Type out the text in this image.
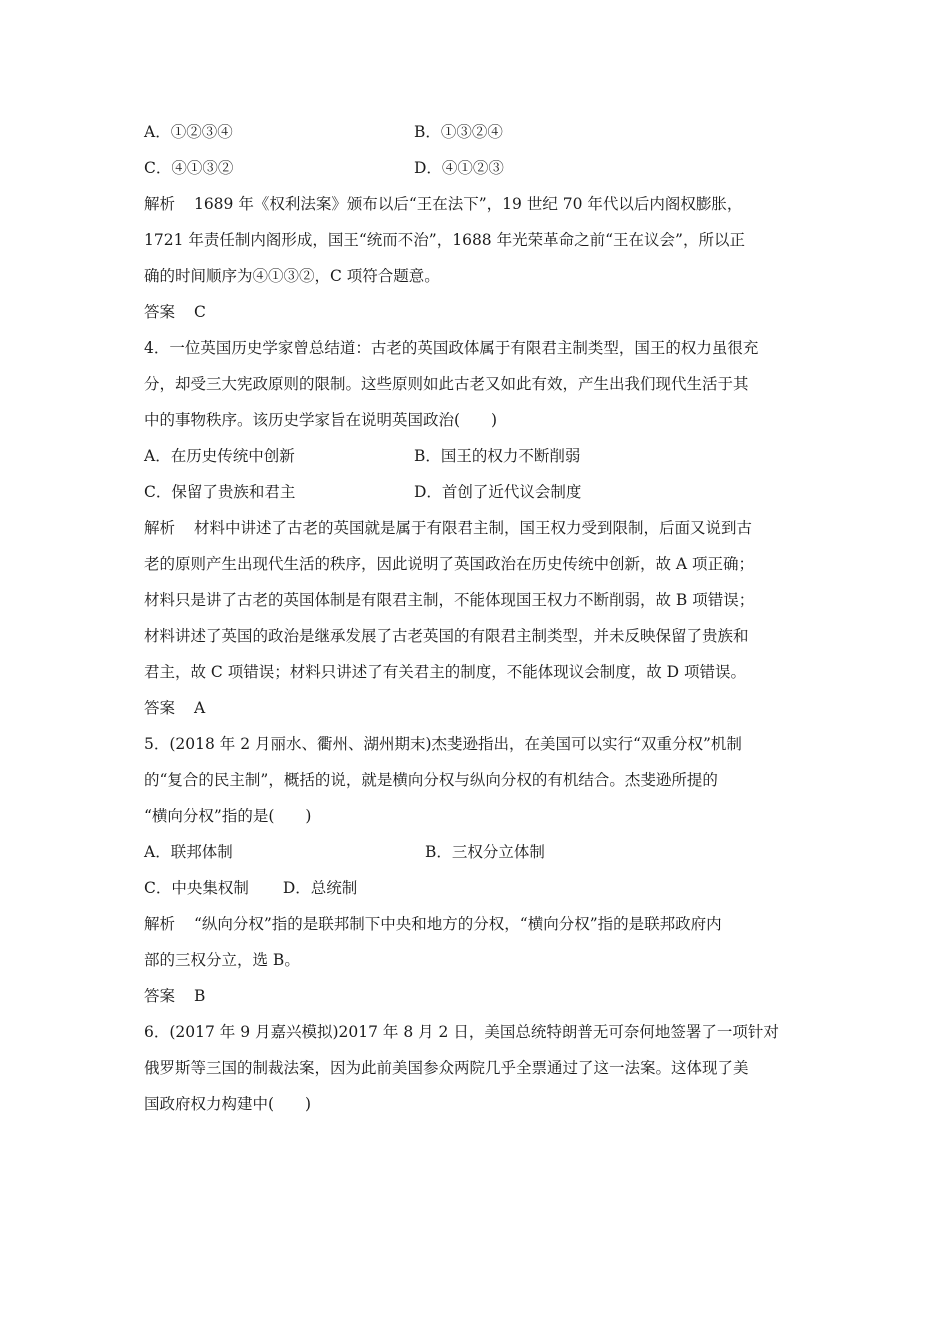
A．①②③④	B．①③②④
C．④①③②	D．④①②③
解析 1689 年《权利法案》颁布以后“王在法下”，19 世纪 70 年代以后内阁权膨胀，
1721 年责任制内阁形成，国王“统而不治”，1688 年光荣革命之前“王在议会”，所以正
确的时间顺序为④①③②，C 项符合题意。
答案 C
4．一位英国历史学家曾总结道：古老的英国政体属于有限君主制类型，国王的权力虽很充
分，却受三大宪政原则的限制。这些原则如此古老又如此有效，产生出我们现代生活于其
中的事物秩序。该历史学家旨在说明英国政治(　　)
A．在历史传统中创新	B．国王的权力不断削弱
C．保留了贵族和君主	D．首创了近代议会制度
解析 材料中讲述了古老的英国就是属于有限君主制，国王权力受到限制，后面又说到古
老的原则产生出现代生活的秩序，因此说明了英国政治在历史传统中创新，故 A 项正确；
材料只是讲了古老的英国体制是有限君主制，不能体现国王权力不断削弱，故 B 项错误；
材料讲述了英国的政治是继承发展了古老英国的有限君主制类型，并未反映保留了贵族和
君主，故 C 项错误；材料只讲述了有关君主的制度，不能体现议会制度，故 D 项错误。
答案 A
5．(2018 年 2 月丽水、衢州、湖州期末)杰斐逊指出，在美国可以实行“双重分权”机制
的“复合的民主制”，概括的说，就是横向分权与纵向分权的有机结合。杰斐逊所提的
“横向分权”指的是(　　)
A．联邦体制	B．三权分立体制
C．中央集权制 D．总统制
解析 “纵向分权”指的是联邦制下中央和地方的分权，“横向分权”指的是联邦政府内
部的三权分立，选 B。
答案 B
6．(2017 年 9 月嘉兴模拟)2017 年 8 月 2 日，美国总统特朗普无可奈何地签署了一项针对
俄罗斯等三国的制裁法案，因为此前美国参众两院几乎全票通过了这一法案。这体现了美
国政府权力构建中(　　)
